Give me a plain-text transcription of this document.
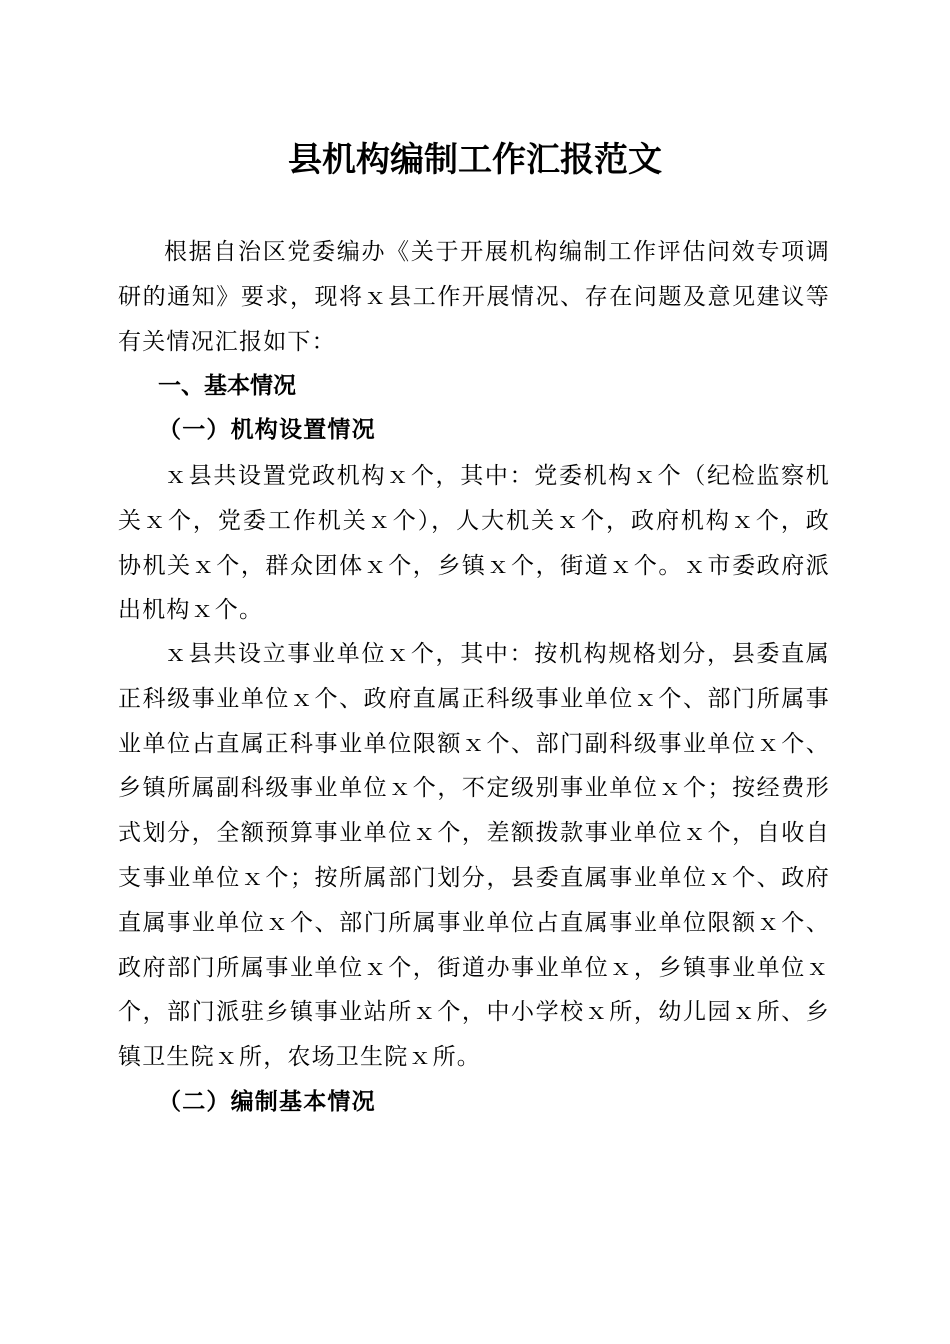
县机构编制工作汇报范文

根据自治区党委编办《关于开展机构编制工作评估问效专项调研的通知》要求，现将ｘ县工作开展情况、存在问题及意见建议等有关情况汇报如下：

一、基本情况
（一）机构设置情况

ｘ县共设置党政机构ｘ个，其中：党委机构ｘ个（纪检监察机关ｘ个，党委工作机关ｘ个），人大机关ｘ个，政府机构ｘ个，政协机关ｘ个，群众团体ｘ个，乡镇ｘ个，街道ｘ个。ｘ市委政府派出机构ｘ个。

ｘ县共设立事业单位ｘ个，其中：按机构规格划分，县委直属正科级事业单位ｘ个、政府直属正科级事业单位ｘ个、部门所属事业单位占直属正科事业单位限额ｘ个、部门副科级事业单位ｘ个、乡镇所属副科级事业单位ｘ个，不定级别事业单位ｘ个；按经费形式划分，全额预算事业单位ｘ个，差额拨款事业单位ｘ个，自收自支事业单位ｘ个；按所属部门划分，县委直属事业单位ｘ个、政府直属事业单位ｘ个、部门所属事业单位占直属事业单位限额ｘ个、政府部门所属事业单位ｘ个，街道办事业单位ｘ，乡镇事业单位ｘ个，部门派驻乡镇事业站所ｘ个，中小学校ｘ所，幼儿园ｘ所、乡镇卫生院ｘ所，农场卫生院ｘ所。

（二）编制基本情况
